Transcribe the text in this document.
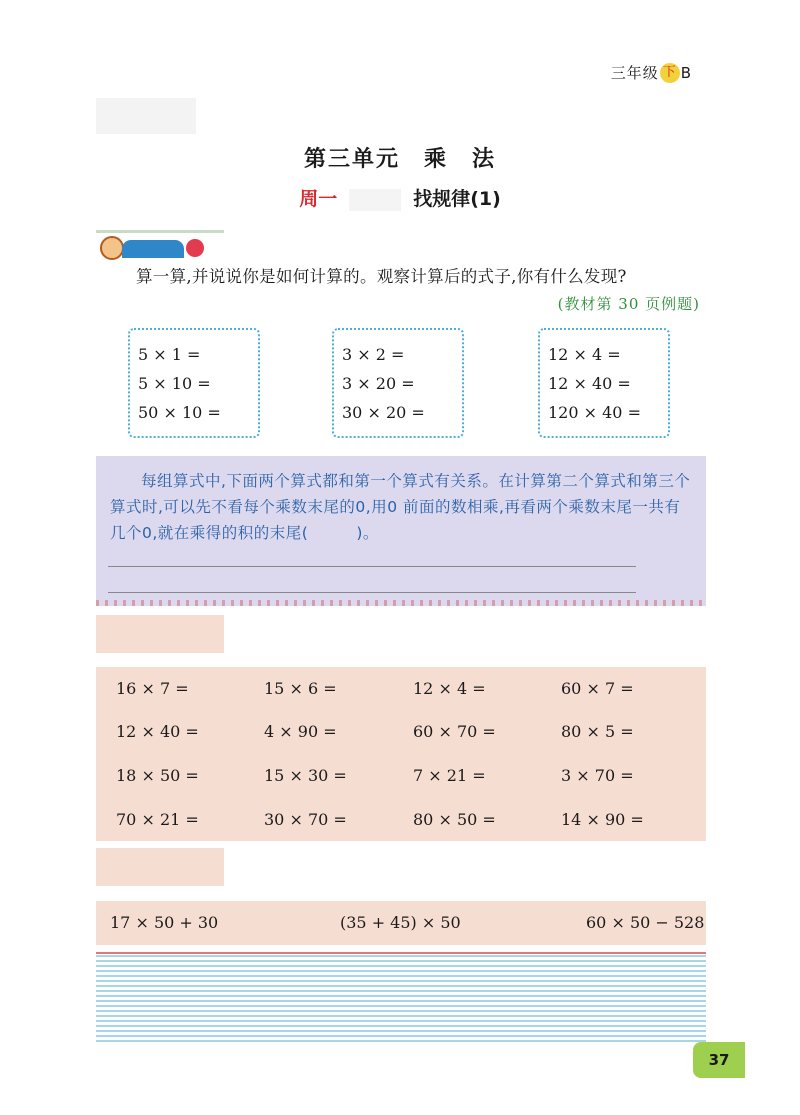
三年级 下 B
第三单元　乘　法
周一	找规律(1)
算一算,并说说你是如何计算的。观察计算后的式子,你有什么发现?
(教材第 30 页例题)
5 × 1 =
5 × 10 =
50 × 10 =
3 × 2 =
3 × 20 =
30 × 20 =
12 × 4 =
12 × 40 =
120 × 40 =

每组算式中,下面两个算式都和第一个算式有关系。在计算第二个算式和第三个算式时,可以先不看每个乘数末尾的0,用0 前面的数相乘,再看两个乘数末尾一共有几个0,就在乘得的积的末尾(　　　)。

16 × 7 =	15 × 6 =	12 × 4 =	60 × 7 =
12 × 40 =	4 × 90 =	60 × 70 =	80 × 5 =
18 × 50 =	15 × 30 =	7 × 21 =	3 × 70 =
70 × 21 =	30 × 70 =	80 × 50 =	14 × 90 =
17 × 50 + 30	(35 + 45) × 50	60 × 50 − 528
37
